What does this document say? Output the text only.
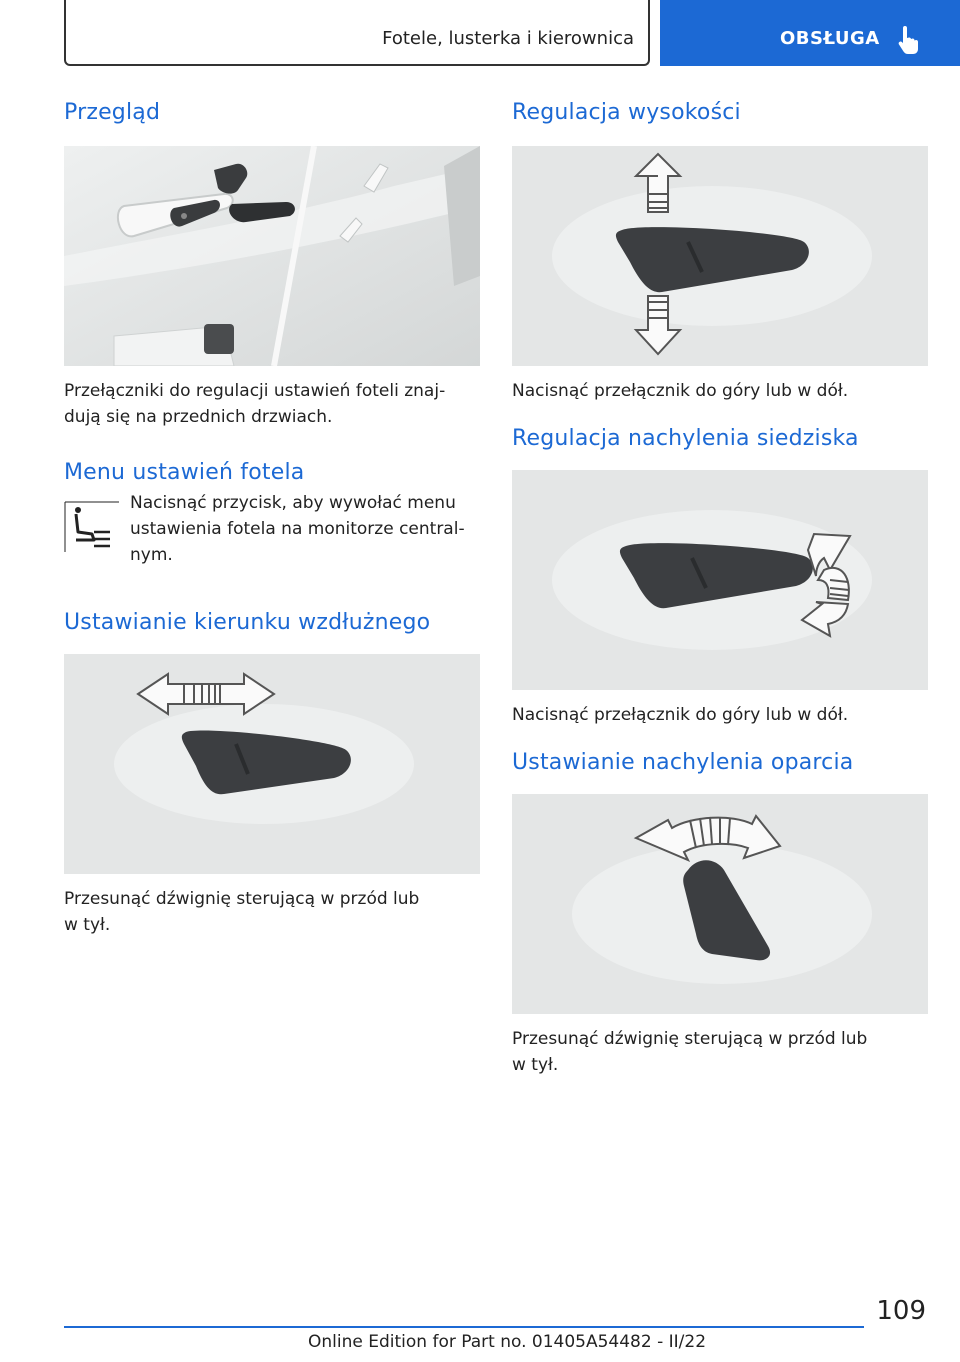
Fotele, lusterka i kierownica	OBSŁUGA
Przegląd

Przełączniki do regulacji ustawień foteli znaj-

dują się na przednich drzwiach.

Menu ustawień fotela

Nacisnąć przycisk, aby wywołać menu

ustawienia fotela na monitorze central-

nym.

Ustawianie kierunku wzdłużnego

Przesunąć dźwignię sterującą w przód lub

w tył.

Regulacja wysokości

Nacisnąć przełącznik do góry lub w dół.

Regulacja nachylenia siedziska

Nacisnąć przełącznik do góry lub w dół.

Ustawianie nachylenia oparcia

Przesunąć dźwignię sterującą w przód lub

w tył.

109
Online Edition for Part no. 01405A54482 - II/22
